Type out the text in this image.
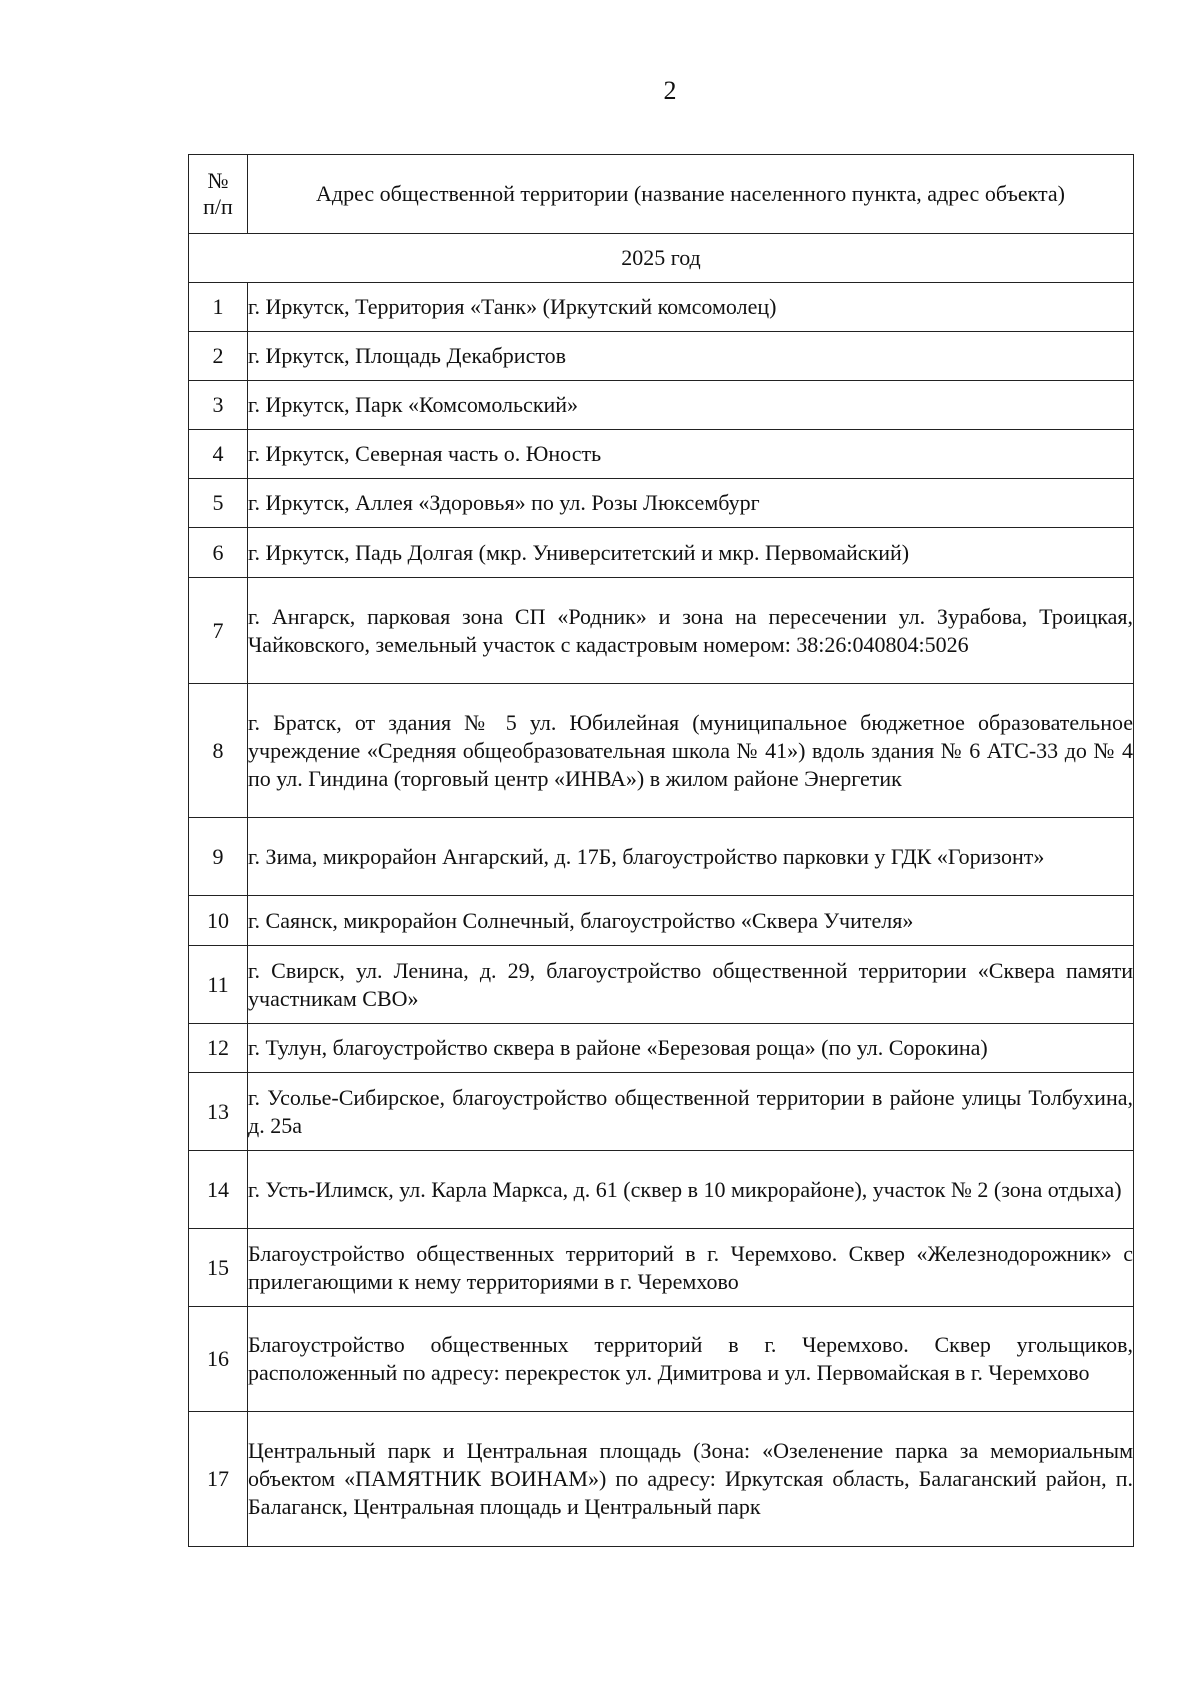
2
№
п/п	Адрес общественной территории (название населенного пункта, адрес объекта)
2025 год	
1	г. Иркутск, Территория «Танк» (Иркутский комсомолец)
2	г. Иркутск, Площадь Декабристов
3	г. Иркутск, Парк «Комсомольский»
4	г. Иркутск, Северная часть о. Юность
5	г. Иркутск, Аллея «Здоровья» по ул. Розы Люксембург
6	г. Иркутск, Падь Долгая (мкр. Университетский и мкр. Первомайский)
7	г. Ангарск, парковая зона СП «Родник» и зона на пересечении ул. Зурабова, Троицкая, Чайковского, земельный участок с кадастровым номером: 38:26:040804:5026
8	г. Братск, от здания № 5 ул. Юбилейная (муниципальное бюджетное образовательное учреждение «Средняя общеобразовательная школа № 41») вдоль здания № 6 АТС-33 до № 4 по ул. Гиндина (торговый центр «ИНВА») в жилом районе Энергетик
9	г. Зима, микрорайон Ангарский, д. 17Б, благоустройство парковки у ГДК «Горизонт»
10	г. Саянск, микрорайон Солнечный, благоустройство «Сквера Учителя»
11	г. Свирск, ул. Ленина, д. 29, благоустройство общественной территории «Сквера памяти участникам СВО»
12	г. Тулун, благоустройство сквера в районе «Березовая роща» (по ул. Сорокина)
13	г. Усолье-Сибирское, благоустройство общественной территории в районе улицы Толбухина, д. 25а
14	г. Усть-Илимск, ул. Карла Маркса, д. 61 (сквер в 10 микрорайоне), участок № 2 (зона отдыха)
15	Благоустройство общественных территорий в г. Черемхово. Сквер «Железнодорожник» с прилегающими к нему территориями в г. Черемхово
16	Благоустройство общественных территорий в г. Черемхово. Сквер угольщиков, расположенный по адресу: перекресток ул. Димитрова и ул. Первомайская в г. Черемхово
17	Центральный парк и Центральная площадь (Зона: «Озеленение парка за мемориальным объектом «ПАМЯТНИК ВОИНАМ») по адресу: Иркутская область, Балаганский район, п. Балаганск, Центральная площадь и Центральный парк
